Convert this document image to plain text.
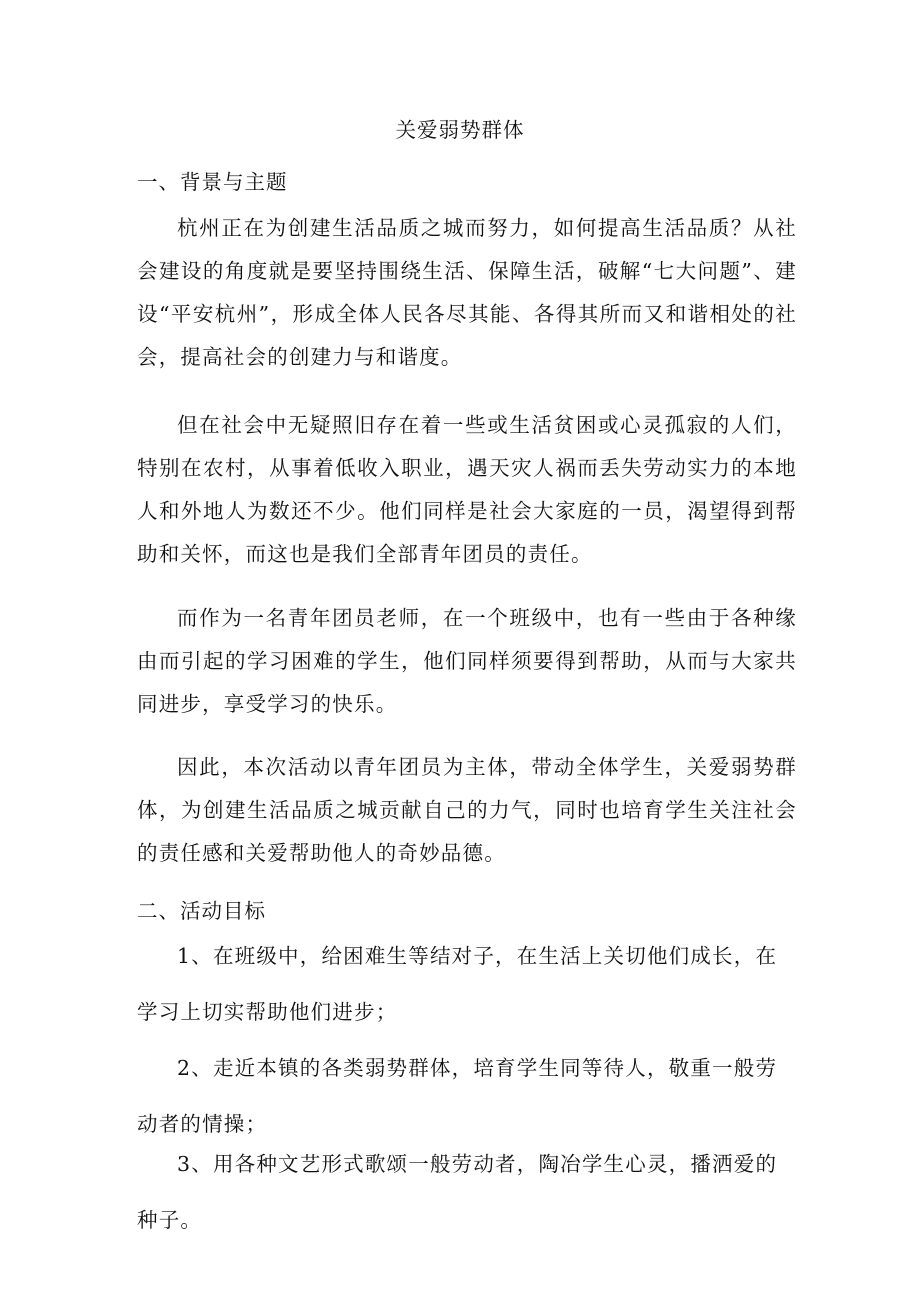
关爱弱势群体
一、背景与主题
杭州正在为创建生活品质之城而努力，如何提高生活品质？从社会建设的角度就是要坚持围绕生活、保障生活，破解“七大问题”、建设“平安杭州”，形成全体人民各尽其能、各得其所而又和谐相处的社会，提高社会的创建力与和谐度。
但在社会中无疑照旧存在着一些或生活贫困或心灵孤寂的人们，特别在农村，从事着低收入职业，遇天灾人祸而丢失劳动实力的本地人和外地人为数还不少。他们同样是社会大家庭的一员，渴望得到帮助和关怀，而这也是我们全部青年团员的责任。
而作为一名青年团员老师，在一个班级中，也有一些由于各种缘由而引起的学习困难的学生，他们同样须要得到帮助，从而与大家共同进步，享受学习的快乐。
因此，本次活动以青年团员为主体，带动全体学生，关爱弱势群体，为创建生活品质之城贡献自己的力气，同时也培育学生关注社会的责任感和关爱帮助他人的奇妙品德。
二、活动目标
1、在班级中，给困难生等结对子，在生活上关切他们成长，在学习上切实帮助他们进步；
2、走近本镇的各类弱势群体，培育学生同等待人，敬重一般劳动者的情操；
3、用各种文艺形式歌颂一般劳动者，陶冶学生心灵，播洒爱的种子。
